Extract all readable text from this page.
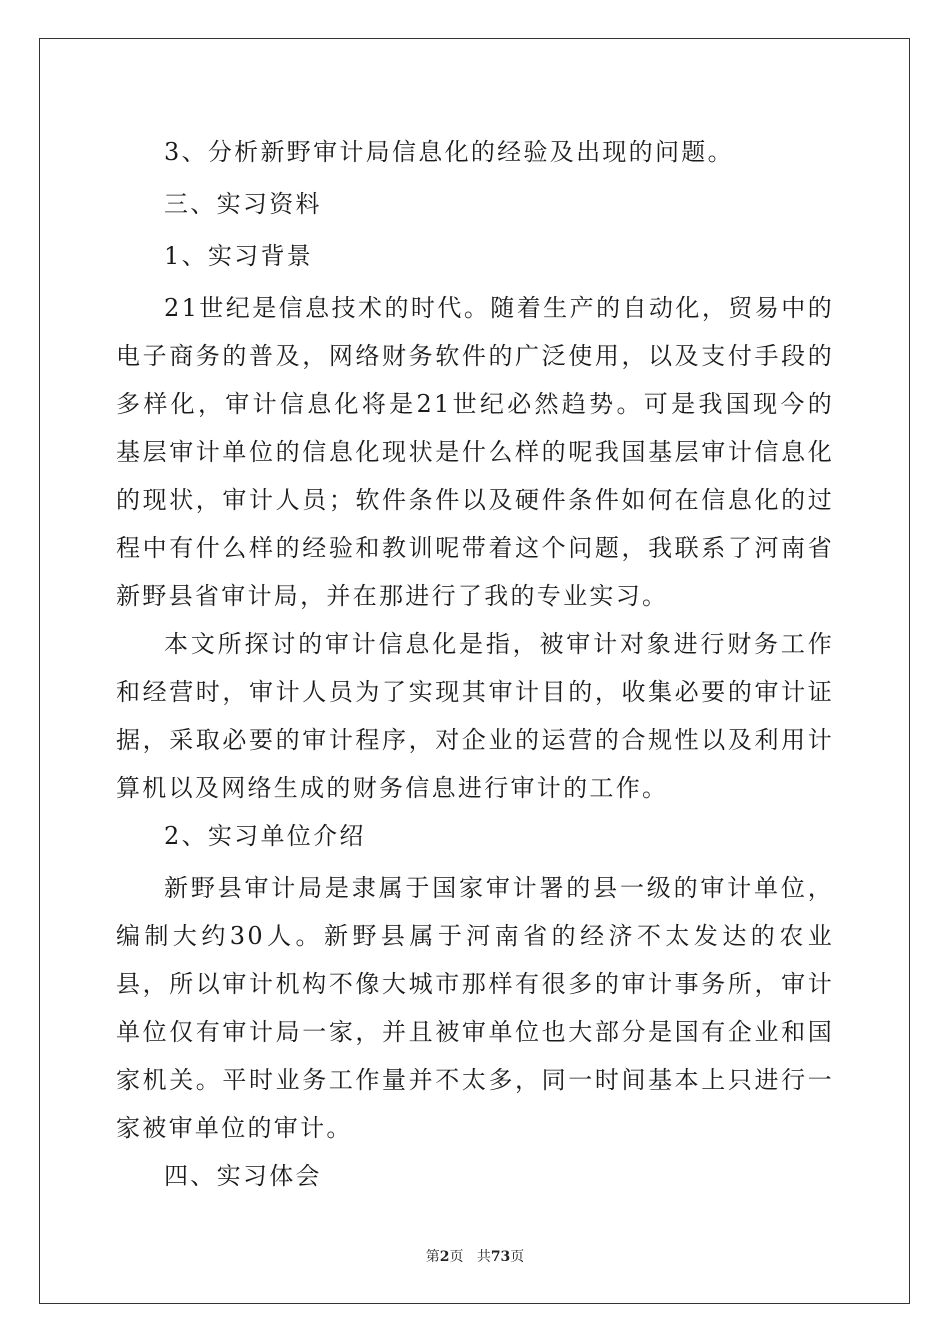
3、分析新野审计局信息化的经验及出现的问题。

三、实习资料

1、实习背景

21世纪是信息技术的时代。随着生产的自动化，贸易中的电子商务的普及，网络财务软件的广泛使用，以及支付手段的多样化，审计信息化将是21世纪必然趋势。可是我国现今的基层审计单位的信息化现状是什么样的呢我国基层审计信息化的现状，审计人员；软件条件以及硬件条件如何在信息化的过程中有什么样的经验和教训呢带着这个问题，我联系了河南省新野县省审计局，并在那进行了我的专业实习。

本文所探讨的审计信息化是指，被审计对象进行财务工作和经营时，审计人员为了实现其审计目的，收集必要的审计证据，采取必要的审计程序，对企业的运营的合规性以及利用计算机以及网络生成的财务信息进行审计的工作。

2、实习单位介绍

新野县审计局是隶属于国家审计署的县一级的审计单位，编制大约30人。新野县属于河南省的经济不太发达的农业县，所以审计机构不像大城市那样有很多的审计事务所，审计单位仅有审计局一家，并且被审单位也大部分是国有企业和国家机关。平时业务工作量并不太多，同一时间基本上只进行一家被审单位的审计。

四、实习体会

第2页 共73页
